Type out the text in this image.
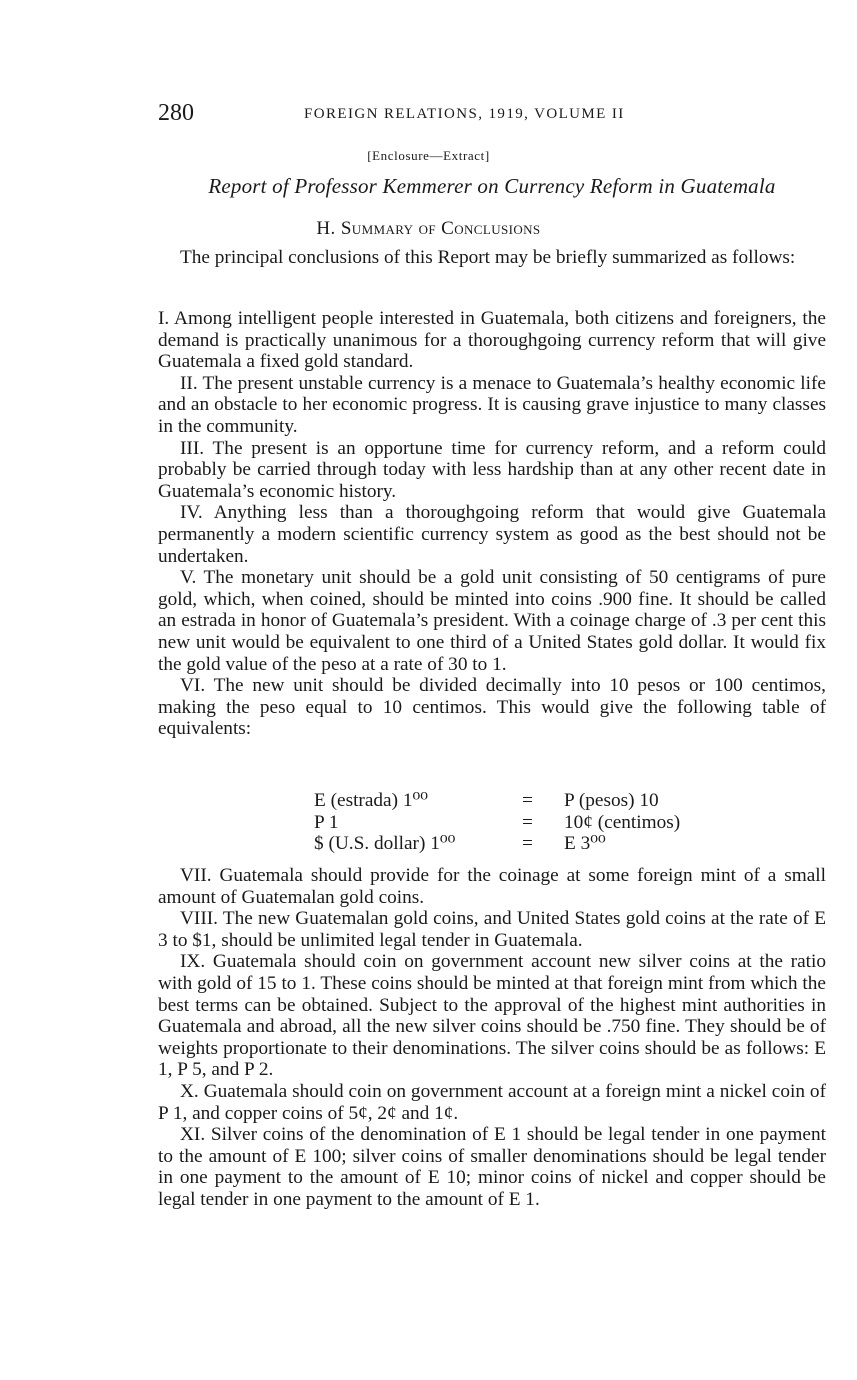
280	FOREIGN RELATIONS, 1919, VOLUME II
[Enclosure—Extract]
Report of Professor Kemmerer on Currency Reform in Guatemala
H. Summary of Conclusions

The principal conclusions of this Report may be briefly summarized as follows:

I. Among intelligent people interested in Guatemala, both citizens and foreigners, the demand is practically unanimous for a thoroughgoing currency reform that will give Guatemala a fixed gold standard.

II. The present unstable currency is a menace to Guatemala’s healthy economic life and an obstacle to her economic progress. It is causing grave injustice to many classes in the community.

III. The present is an opportune time for currency reform, and a reform could probably be carried through today with less hardship than at any other recent date in Guatemala’s economic history.

IV. Anything less than a thoroughgoing reform that would give Guatemala permanently a modern scientific currency system as good as the best should not be undertaken.

V. The monetary unit should be a gold unit consisting of 50 centigrams of pure gold, which, when coined, should be minted into coins .900 fine. It should be called an estrada in honor of Guatemala’s president. With a coinage charge of .3 per cent this new unit would be equivalent to one third of a United States gold dollar. It would fix the gold value of the peso at a rate of 30 to 1.

VI. The new unit should be divided decimally into 10 pesos or 100 centimos, making the peso equal to 10 centimos. This would give the following table of equivalents:

E (estrada) 1⁰⁰	= P (pesos) 10
P 1	= 10¢ (centimos)
$ (U.S. dollar) 1⁰⁰	= E 3⁰⁰

VII. Guatemala should provide for the coinage at some foreign mint of a small amount of Guatemalan gold coins.

VIII. The new Guatemalan gold coins, and United States gold coins at the rate of E 3 to $1, should be unlimited legal tender in Guatemala.

IX. Guatemala should coin on government account new silver coins at the ratio with gold of 15 to 1. These coins should be minted at that foreign mint from which the best terms can be obtained. Subject to the approval of the highest mint authorities in Guatemala and abroad, all the new silver coins should be .750 fine. They should be of weights proportionate to their denominations. The silver coins should be as follows: E 1, P 5, and P 2.

X. Guatemala should coin on government account at a foreign mint a nickel coin of P 1, and copper coins of 5¢, 2¢ and 1¢.

XI. Silver coins of the denomination of E 1 should be legal tender in one payment to the amount of E 100; silver coins of smaller denominations should be legal tender in one payment to the amount of E 10; minor coins of nickel and copper should be legal tender in one payment to the amount of E 1.
